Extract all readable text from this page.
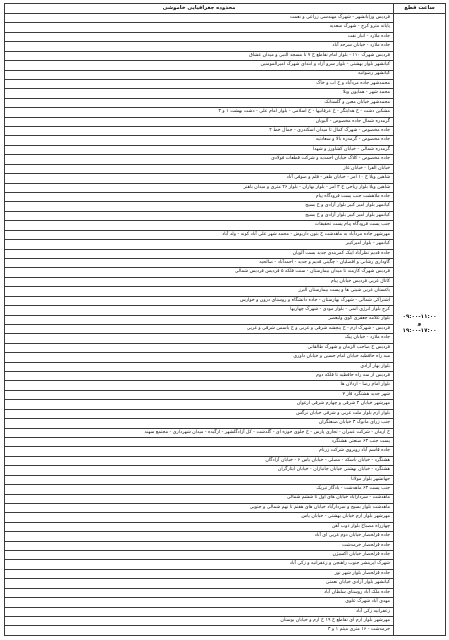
ساعت قطع	محدوده جغرافیایی خاموشی

۰۹:۰۰-۱۱:۰۰
و
۱۹:۰۰-۱۷:۰۰	فردیس ورایانشهر - شهرک مهندسی زراعی و نعمت
	پایانه مترو کرج - شهرک سعدیه
	جاده ملارد - انبار نفت
	جاده ملارد - خیابان سرحد آباد
	فردیس شهرک ۱۱۰ - بلوار امام تقاطع خ ۷ تا مسجد النبی و میدان عشاق
	کیانشهر بلوار بهشتی - بلوار سرو آزاد و ابتدای شهرک امیرالمومنین
	کیانشهر رضوانیه
	محمدشهر جاده مردآباد و خ اب و خاک
	محمد شهر - همایون ویلا
	محمدشهر خیابان معین و گلستانک
	مشکین دشت - خ هدایتگر - خ عرفانیها - خ اسلامی - بلوار امام علی - دشت بهشت ۱ و ۳
	گرمدره شمال جاده مخصوص - آلیوبان
	جاده مخصوص - شهرک کمال تا میدان اسکندری - جمال خط ۴
	جاده مخصوص - گرمدره بالا و سعادتیه
	گرمدره شمالی - خیابان کشاورز و شهدا
	جاده مخصوص - کلاک خیابان احمدیه و شرکت قطعات فولادی
	خیابان الفرا - خیابان غاز
	شاهین ویلا خ ۱۰ امر - خیابان ظفر - فلم و صوفی آباد
	شاهین ویلا بلوار ریاحی خ ۳ امر - بلوار بهاران - بلوار ۴۶ متری و میدان باهنر
	جاده ملاهشت جنب پست فرودگاه پیام
	کیانمهر بلوار امیر کبیر بلوار آزادی و خ بسیج
	کیانمهر بلوار امیر کبیر بلوار آزادی و خ بسیج
	جنب پست فرودگاه پیام پست تحقیقات
	مهرشهر جاده مردآباد به ماهدشت خ بتون داریوش - محمد شهر علی آباد کونه - ولد آباد
	کیانمهر - بلوار امیرکبیر
	جاده قدیم نظرآباد ایبک کمربندی جدید بست آلویان
	گاوداری رشانی و افضلیان - چگینی قدیم و جدید - احمدآباد - صالحیه
	فردیس شهرک کارمند تا میدان بیمارستان - سنت فلکه ۵ فردیس فردیس شمالی
	کانال غربی فردیس خیابان پیام
	باغستان غربی شیتی ها و پست بیمارستان البرز
	اشتراکی شمالی - شهرک بهارستان - جاده دانشگاه و روستای درون و خوارس
	کرج بلوار انرژی اتمی - بلوار مودی - شهرک چهاربها
	بلوار علامه جعفری کوی ولیعصر
	فردیس - شهرک ارم - خ پنجشه شرقی و غربی و خ یاسمن شرقی و غربی
	جاده ملارد - خیابان پیک
	فردیس خ صاحب الزمان و شهرک طالقانی
	سه راه حافظیه خیابان امام حسین و خیابان داوری
	بلوار بهار آزادی
	فردیس از سه راه حافظیه تا فلکه دوم
	بلوار امام رضا - اردلان ها
	شهر جدید هشتگرد فاز ۷
	مهرشهر خیابان ۳ شرقی و چهارم شرقی ارغوان
	بلوار ارم بلوار ملت غربی و شرقی خیابان نرگس
	جنب زرای مانوک ۳ خیابان صنعتگران
	خ ارمان - شرکت عمران - تجاری پارس - خ جلوی حوزه ای - گلدشت - کل آزادگلشهر - ارگیده - میدان شهرداری - مجتمع سهند
	پست جنب ۶۳ صنعتی هشتگرد
	جاده قاسم آباد روبروی شرکت زرنام
	هشتگرد - خیابان باسکه - مصلی - خیابان یاس ۶ - خیابان آزادگان
	هشتگرد - خیابان بهشتی خیابان جانبازان - خیابان ایثارگران
	جهانشهر بلوار مولانا
	جنب پست ۶۳ ماهدشت - یادگار تبریک
	ماهدشت - سردارآباد خیابان های اول تا ششم شمالی
	ماهدشت بلوار بسیج و سردارآباد خیابان های هفتم تا نهم شمالی و جنوبی
	مهرشهر بلوار ارم خیابان بهشتی - خیابان یاس
	چهارراه مصباح بلوار ذوب آهن
	جاده قزلحصار خیابان دوم غربی ای آباد
	جاده قزلحصار خرمدشت
	جاده قزلحصار خیابان اکسیژن
	شهرک ایرینشر جنوب راهنجن و زعفرانیه و زکی آباد
	جاده قزلحصار بلوار شهر نور
	کیانشهر بلوار آزادی خیابان نعمتی
	جاده ملک آباد روستای سلطان آباد
	مهدی آباد شهرک علوی
	زعفرانیه زکی آباد
	مهرشهر بلوار ارم ای تقاطع خ ۱۹ خ ارم و خیابان بوستان
	خرمدشت - ۱۶ متری میثم ۱ و ۳
